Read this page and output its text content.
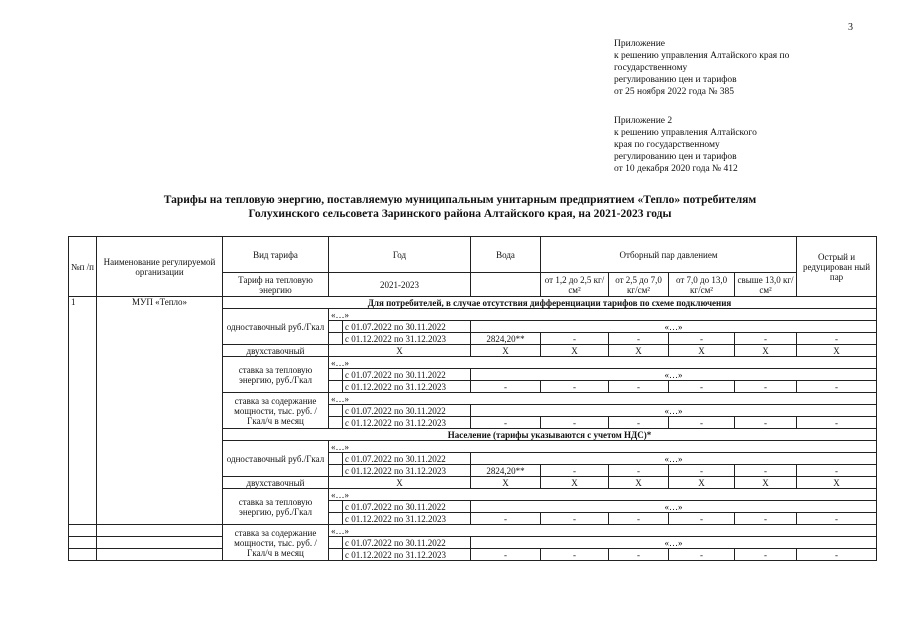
3
Приложение
к решению управления Алтайского края по
государственному
регулированию цен и тарифов
от 25 ноября 2022 года № 385
Приложение 2
к решению управления Алтайского
края по государственному
регулированию цен и тарифов
от 10 декабря 2020 года № 412
Тарифы на тепловую энергию, поставляемую муниципальным унитарным предприятием «Тепло» потребителям
Голухинского сельсовета Заринского района Алтайского края, на 2021-2023 годы
№п /п	Наименование регулируемой организации	Вид тарифа	Год		Вода	Отборный пар давлением				Острый и редуцирован ный пар
		Тариф на тепловую энергию	2021-2023			от 1,2 до 2,5 кг/см²	от 2,5 до 7,0 кг/см²	от 7,0 до 13,0 кг/см²	свыше 13,0 кг/см²	
1	МУП «Тепло»	Для потребителей, в случае отсутствия дифференциации тарифов по схеме подключения								
		одноставочный руб./Гкал	«…»							
				с 01.07.2022 по 30.11.2022	«…»					
				с 01.12.2022 по 31.12.2023	2824,20**	-	-	-	-	-
		двухставочный	Х		Х	Х	Х	Х	Х	Х
		ставка за тепловую энергию, руб./Гкал	«…»							
				с 01.07.2022 по 30.11.2022	«…»					
				с 01.12.2022 по 31.12.2023	-	-	-	-	-	-
		ставка за содержание мощности, тыс. руб. /Гкал/ч в месяц	«…»							
				с 01.07.2022 по 30.11.2022	«…»					
				с 01.12.2022 по 31.12.2023	-	-	-	-	-	-
		Население (тарифы указываются с учетом НДС)*								
		одноставочный руб./Гкал	«…»							
				с 01.07.2022 по 30.11.2022	«…»					
				с 01.12.2022 по 31.12.2023	2824,20**	-	-	-	-	-
		двухставочный	Х		Х	Х	Х	Х	Х	Х
		ставка за тепловую энергию, руб./Гкал	«…»							
				с 01.07.2022 по 30.11.2022	«…»					
				с 01.12.2022 по 31.12.2023	-	-	-	-	-	-
		ставка за содержание мощности, тыс. руб. /Гкал/ч в месяц	«…»							
				с 01.07.2022 по 30.11.2022	«…»					
				с 01.12.2022 по 31.12.2023	-	-	-	-	-	-
